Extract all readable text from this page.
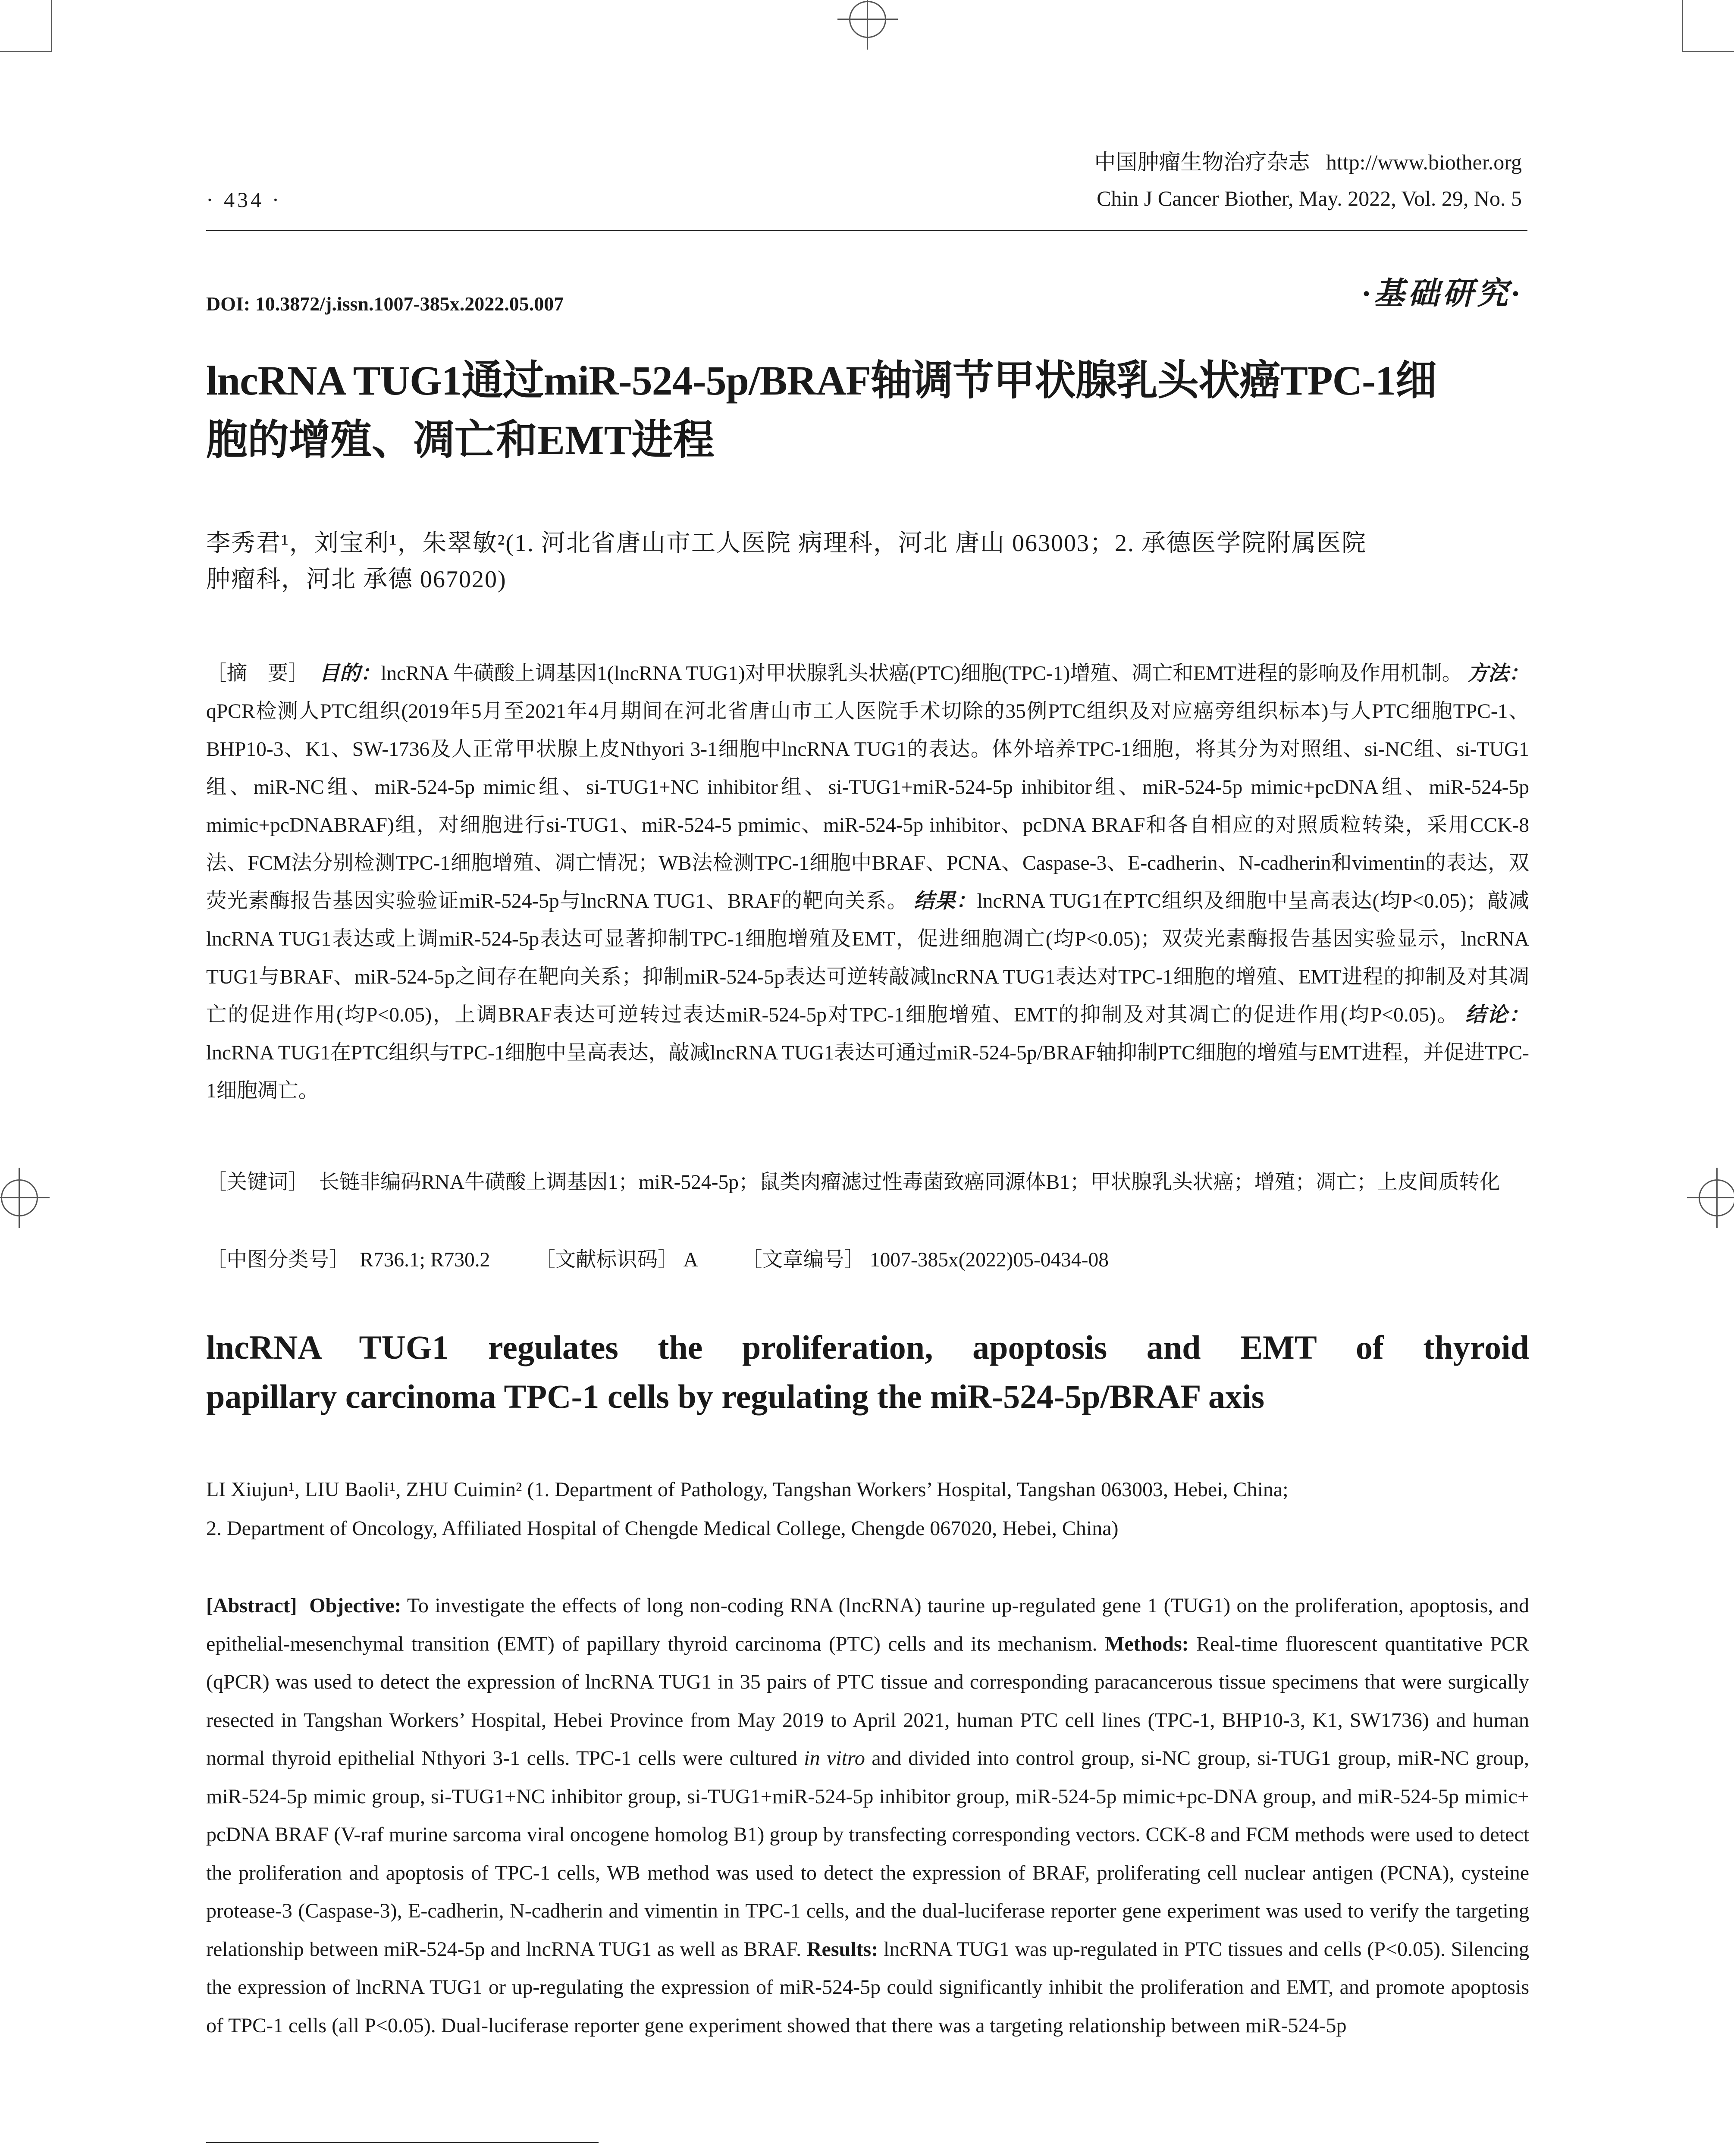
中国肿瘤生物治疗杂志 http://www.biother.org
Chin J Cancer Biother, May. 2022, Vol. 29, No. 5
· 434 ·
DOI: 10.3872/j.issn.1007-385x.2022.05.007	·基础研究·
lncRNA TUG1通过miR-524-5p/BRAF轴调节甲状腺乳头状癌TPC-1细
胞的增殖、凋亡和EMT进程
李秀君¹，刘宝利¹，朱翠敏²(1. 河北省唐山市工人医院 病理科，河北 唐山 063003；2. 承德医学院附属医院
肿瘤科，河北 承德 067020)
［摘　要］ 目的：lncRNA 牛磺酸上调基因1(lncRNA TUG1)对甲状腺乳头状癌(PTC)细胞(TPC-1)增殖、凋亡和EMT进程的影响及作用机制。 方法：qPCR检测人PTC组织(2019年5月至2021年4月期间在河北省唐山市工人医院手术切除的35例PTC组织及对应癌旁组织标本)与人PTC细胞TPC-1、BHP10-3、K1、SW-1736及人正常甲状腺上皮Nthyori 3-1细胞中lncRNA TUG1的表达。体外培养TPC-1细胞，将其分为对照组、si-NC组、si-TUG1组、miR-NC组、miR-524-5p mimic组、si-TUG1+NC inhibitor组、si-TUG1+miR-524-5p inhibitor组、miR-524-5p mimic+pcDNA组、miR-524-5p mimic+pcDNABRAF)组，对细胞进行si-TUG1、miR-524-5 pmimic、miR-524-5p inhibitor、pcDNA BRAF和各自相应的对照质粒转染，采用CCK-8法、FCM法分别检测TPC-1细胞增殖、凋亡情况；WB法检测TPC-1细胞中BRAF、PCNA、Caspase-3、E-cadherin、N-cadherin和vimentin的表达，双荧光素酶报告基因实验验证miR-524-5p与lncRNA TUG1、BRAF的靶向关系。 结果：lncRNA TUG1在PTC组织及细胞中呈高表达(均P<0.05)；敲减lncRNA TUG1表达或上调miR-524-5p表达可显著抑制TPC-1细胞增殖及EMT，促进细胞凋亡(均P<0.05)；双荧光素酶报告基因实验显示，lncRNA TUG1与BRAF、miR-524-5p之间存在靶向关系；抑制miR-524-5p表达可逆转敲减lncRNA TUG1表达对TPC-1细胞的增殖、EMT进程的抑制及对其凋亡的促进作用(均P<0.05)，上调BRAF表达可逆转过表达miR-524-5p对TPC-1细胞增殖、EMT的抑制及对其凋亡的促进作用(均P<0.05)。 结论：lncRNA TUG1在PTC组织与TPC-1细胞中呈高表达，敲减lncRNA TUG1表达可通过miR-524-5p/BRAF轴抑制PTC细胞的增殖与EMT进程，并促进TPC-1细胞凋亡。
［关键词］ 长链非编码RNA牛磺酸上调基因1；miR-524-5p；鼠类肉瘤滤过性毒菌致癌同源体B1；甲状腺乳头状癌；增殖；凋亡；上皮间质转化
［中图分类号］ R736.1; R730.2 ［文献标识码］ A ［文章编号］ 1007-385x(2022)05-0434-08
lncRNA TUG1 regulates the proliferation, apoptosis and EMT of thyroid
papillary carcinoma TPC-1 cells by regulating the miR-524-5p/BRAF axis
LI Xiujun¹, LIU Baoli¹, ZHU Cuimin² (1. Department of Pathology, Tangshan Workers’ Hospital, Tangshan 063003, Hebei, China;
2. Department of Oncology, Affiliated Hospital of Chengde Medical College, Chengde 067020, Hebei, China)
[Abstract] Objective: To investigate the effects of long non-coding RNA (lncRNA) taurine up-regulated gene 1 (TUG1) on the proliferation, apoptosis, and epithelial-mesenchymal transition (EMT) of papillary thyroid carcinoma (PTC) cells and its mechanism. Methods: Real-time fluorescent quantitative PCR (qPCR) was used to detect the expression of lncRNA TUG1 in 35 pairs of PTC tissue and corresponding paracancerous tissue specimens that were surgically resected in Tangshan Workers’ Hospital, Hebei Province from May 2019 to April 2021, human PTC cell lines (TPC-1, BHP10-3, K1, SW1736) and human normal thyroid epithelial Nthyori 3-1 cells. TPC-1 cells were cultured in vitro and divided into control group, si-NC group, si-TUG1 group, miR-NC group, miR-524-5p mimic group, si-TUG1+NC inhibitor group, si-TUG1+miR-524-5p inhibitor group, miR-524-5p mimic+pc-DNA group, and miR-524-5p mimic+ pcDNA BRAF (V-raf murine sarcoma viral oncogene homolog B1) group by transfecting corresponding vectors. CCK-8 and FCM methods were used to detect the proliferation and apoptosis of TPC-1 cells, WB method was used to detect the expression of BRAF, proliferating cell nuclear antigen (PCNA), cysteine protease-3 (Caspase-3), E-cadherin, N-cadherin and vimentin in TPC-1 cells, and the dual-luciferase reporter gene experiment was used to verify the targeting relationship between miR-524-5p and lncRNA TUG1 as well as BRAF. Results: lncRNA TUG1 was up-regulated in PTC tissues and cells (P<0.05). Silencing the expression of lncRNA TUG1 or up-regulating the expression of miR-524-5p could significantly inhibit the proliferation and EMT, and promote apoptosis of TPC-1 cells (all P<0.05). Dual-luciferase reporter gene experiment showed that there was a targeting relationship between miR-524-5p
